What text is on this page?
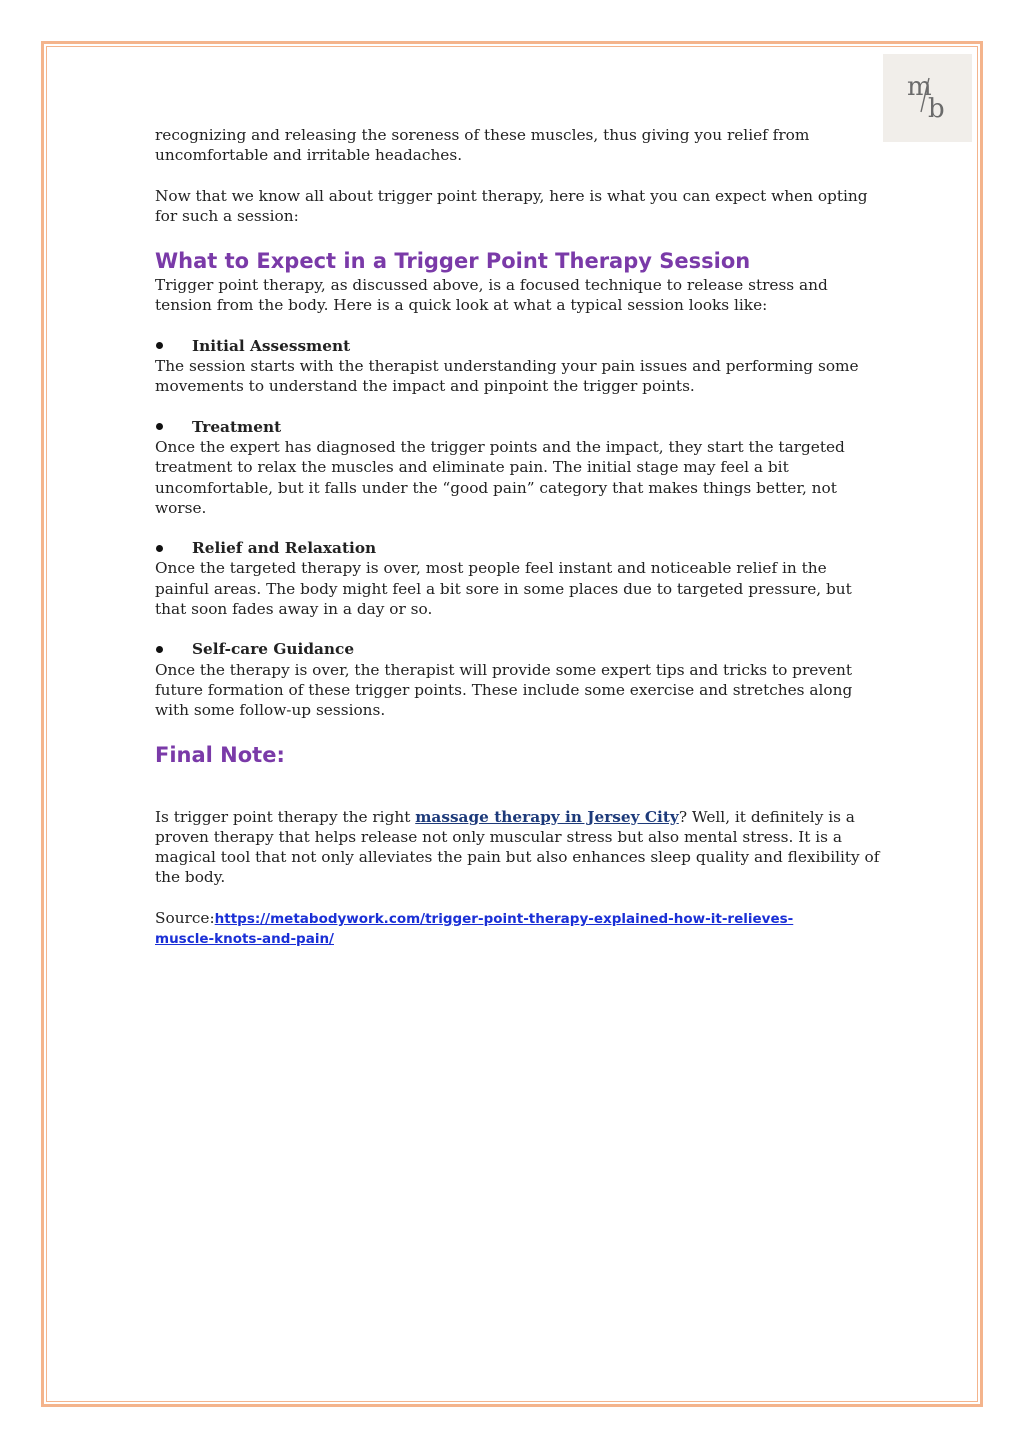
m
b

recognizing and releasing the soreness of these muscles, thus giving you relief from uncomfortable and irritable headaches.

Now that we know all about trigger point therapy, here is what you can expect when opting for such a session:

What to Expect in a Trigger Point Therapy Session

Trigger point therapy, as discussed above, is a focused technique to release stress and tension from the body. Here is a quick look at what a typical session looks like:

Initial Assessment

The session starts with the therapist understanding your pain issues and performing some movements to understand the impact and pinpoint the trigger points.

Treatment

Once the expert has diagnosed the trigger points and the impact, they start the targeted treatment to relax the muscles and eliminate pain. The initial stage may feel a bit uncomfortable, but it falls under the “good pain” category that makes things better, not worse.

Relief and Relaxation

Once the targeted therapy is over, most people feel instant and noticeable relief in the painful areas. The body might feel a bit sore in some places due to targeted pressure, but that soon fades away in a day or so.

Self-care Guidance

Once the therapy is over, the therapist will provide some expert tips and tricks to prevent future formation of these trigger points. These include some exercise and stretches along with some follow-up sessions.

Final Note:

Is trigger point therapy the right massage therapy in Jersey City? Well, it definitely is a proven therapy that helps release not only muscular stress but also mental stress. It is a magical tool that not only alleviates the pain but also enhances sleep quality and flexibility of the body.

Source:https://metabodywork.com/trigger-point-therapy-explained-how-it-relieves-
muscle-knots-and-pain/
